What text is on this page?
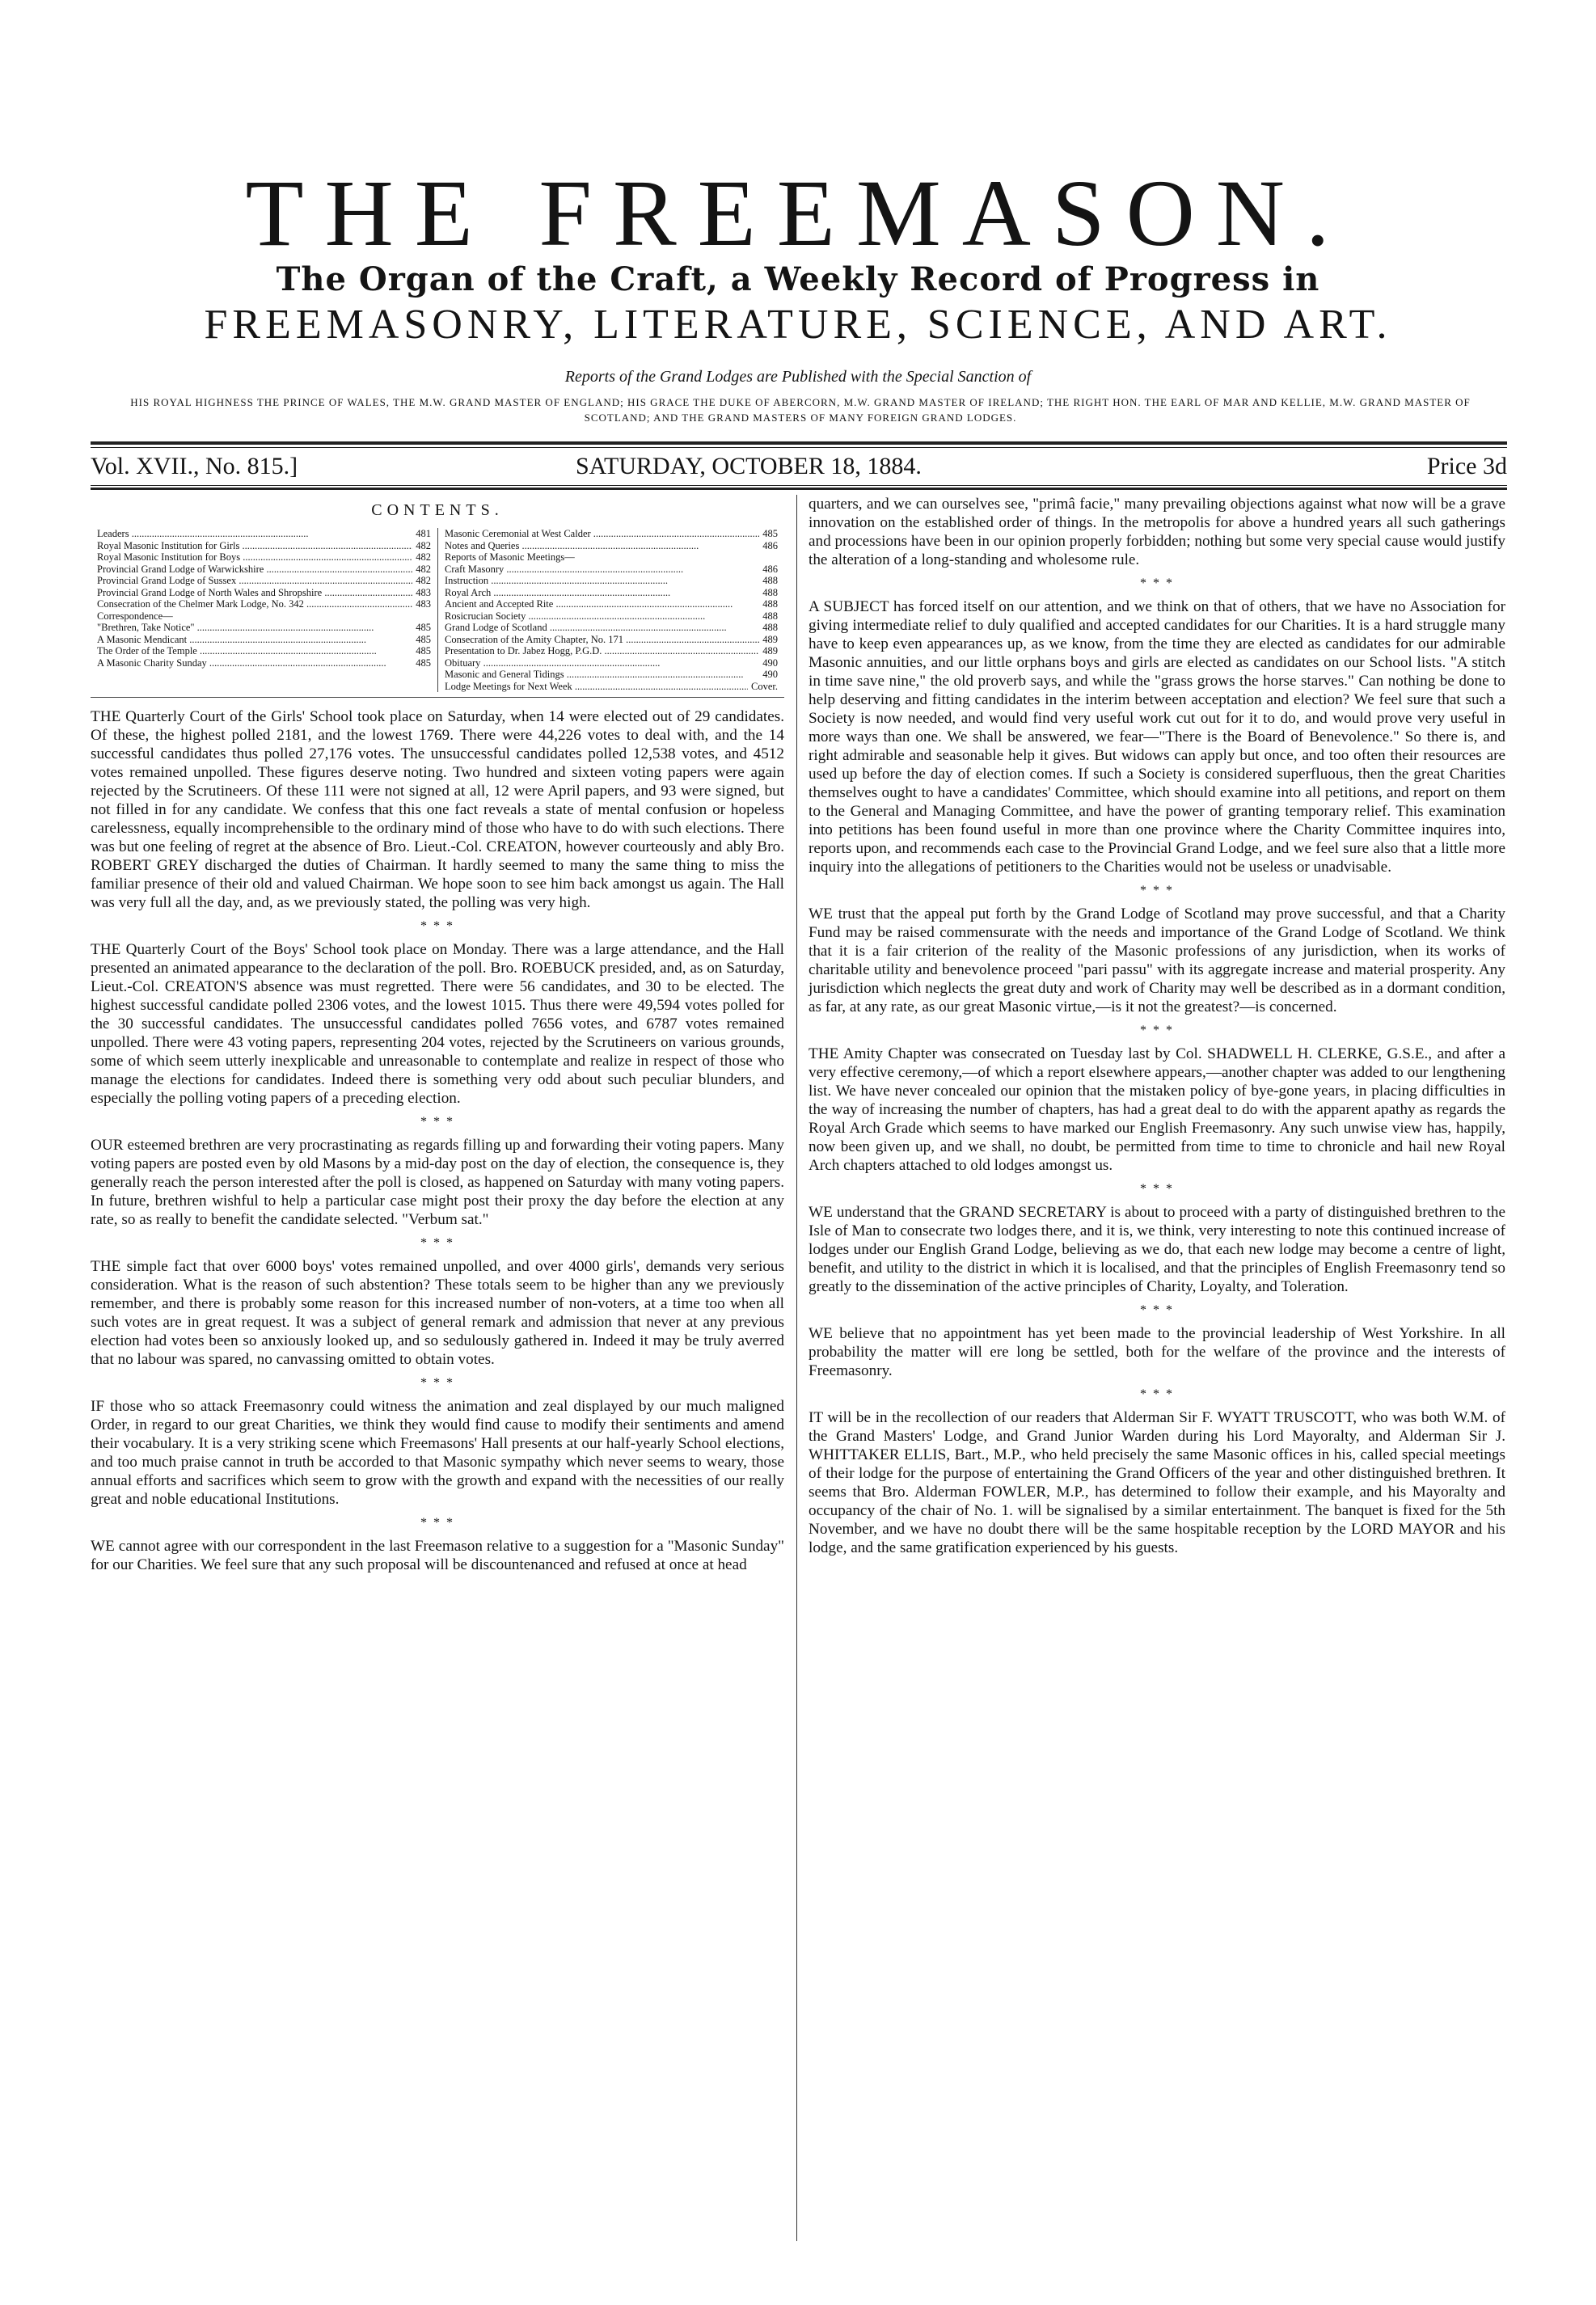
THE FREEMASON.
The Organ of the Craft, a Weekly Record of Progress in
FREEMASONRY, LITERATURE, SCIENCE, AND ART.
Reports of the Grand Lodges are Published with the Special Sanction of
HIS ROYAL HIGHNESS THE PRINCE OF WALES, THE M.W. GRAND MASTER OF ENGLAND; HIS GRACE THE DUKE OF ABERCORN, M.W. GRAND MASTER OF IRELAND; THE RIGHT HON. THE EARL OF MAR AND KELLIE, M.W. GRAND MASTER OF SCOTLAND; AND THE GRAND MASTERS OF MANY FOREIGN GRAND LODGES.
Vol. XVII., No. 815.]	SATURDAY, OCTOBER 18, 1884.	Price 3d
CONTENTS.
Leaders .....	481
Royal Masonic Institution for Girls .....	482
Royal Masonic Institution for Boys .....	482
Provincial Grand Lodge of Warwickshire .....	482
Provincial Grand Lodge of Sussex .....	482
Provincial Grand Lodge of North Wales and Shropshire .....	483
Consecration of the Chelmer Mark Lodge, No. 342 .....	483
Correspondence—
"Brethren, Take Notice" .....	485
A Masonic Mendicant .....	485
The Order of the Temple .....	485
A Masonic Charity Sunday .....	485
Masonic Ceremonial at West Calder .....	485
Notes and Queries .....	486
Reports of Masonic Meetings—
Craft Masonry .....	486
Instruction .....	488
Royal Arch .....	488
Ancient and Accepted Rite .....	488
Rosicrucian Society .....	488
Grand Lodge of Scotland .....	488
Consecration of the Amity Chapter, No. 171 .....	489
Presentation to Dr. Jabez Hogg, P.G.D. .....	489
Obituary .....	490
Masonic and General Tidings .....	490
Lodge Meetings for Next Week .....	Cover.

THE Quarterly Court of the Girls' School took place on Saturday, when 14 were elected out of 29 candidates. Of these, the highest polled 2181, and the lowest 1769. There were 44,226 votes to deal with, and the 14 successful candidates thus polled 27,176 votes. The unsuccessful candidates polled 12,538 votes, and 4512 votes remained unpolled. These figures deserve noting. Two hundred and sixteen voting papers were again rejected by the Scrutineers. Of these 111 were not signed at all, 12 were April papers, and 93 were signed, but not filled in for any candidate. We confess that this one fact reveals a state of mental confusion or hopeless carelessness, equally incomprehensible to the ordinary mind of those who have to do with such elections. There was but one feeling of regret at the absence of Bro. Lieut.-Col. CREATON, however courteously and ably Bro. ROBERT GREY discharged the duties of Chairman. It hardly seemed to many the same thing to miss the familiar presence of their old and valued Chairman. We hope soon to see him back amongst us again. The Hall was very full all the day, and, as we previously stated, the polling was very high.

* * *

THE Quarterly Court of the Boys' School took place on Monday. There was a large attendance, and the Hall presented an animated appearance to the declaration of the poll. Bro. ROEBUCK presided, and, as on Saturday, Lieut.-Col. CREATON'S absence was must regretted. There were 56 candidates, and 30 to be elected. The highest successful candidate polled 2306 votes, and the lowest 1015. Thus there were 49,594 votes polled for the 30 successful candidates. The unsuccessful candidates polled 7656 votes, and 6787 votes remained unpolled. There were 43 voting papers, representing 204 votes, rejected by the Scrutineers on various grounds, some of which seem utterly inexplicable and unreasonable to contemplate and realize in respect of those who manage the elections for candidates. Indeed there is something very odd about such peculiar blunders, and especially the polling voting papers of a preceding election.

* * *

OUR esteemed brethren are very procrastinating as regards filling up and forwarding their voting papers. Many voting papers are posted even by old Masons by a mid-day post on the day of election, the consequence is, they generally reach the person interested after the poll is closed, as happened on Saturday with many voting papers. In future, brethren wishful to help a particular case might post their proxy the day before the election at any rate, so as really to benefit the candidate selected. "Verbum sat."

* * *

THE simple fact that over 6000 boys' votes remained unpolled, and over 4000 girls', demands very serious consideration. What is the reason of such abstention? These totals seem to be higher than any we previously remember, and there is probably some reason for this increased number of non-voters, at a time too when all such votes are in great request. It was a subject of general remark and admission that never at any previous election had votes been so anxiously looked up, and so sedulously gathered in. Indeed it may be truly averred that no labour was spared, no canvassing omitted to obtain votes.

* * *

IF those who so attack Freemasonry could witness the animation and zeal displayed by our much maligned Order, in regard to our great Charities, we think they would find cause to modify their sentiments and amend their vocabulary. It is a very striking scene which Freemasons' Hall presents at our half-yearly School elections, and too much praise cannot in truth be accorded to that Masonic sympathy which never seems to weary, those annual efforts and sacrifices which seem to grow with the growth and expand with the necessities of our really great and noble educational Institutions.

* * *

WE cannot agree with our correspondent in the last Freemason relative to a suggestion for a "Masonic Sunday" for our Charities. We feel sure that any such proposal will be discountenanced and refused at once at head

quarters, and we can ourselves see, "primâ facie," many prevailing objections against what now will be a grave innovation on the established order of things. In the metropolis for above a hundred years all such gatherings and processions have been in our opinion properly forbidden; nothing but some very special cause would justify the alteration of a long-standing and wholesome rule.

* * *

A SUBJECT has forced itself on our attention, and we think on that of others, that we have no Association for giving intermediate relief to duly qualified and accepted candidates for our Charities. It is a hard struggle many have to keep even appearances up, as we know, from the time they are elected as candidates for our admirable Masonic annuities, and our little orphans boys and girls are elected as candidates on our School lists. "A stitch in time save nine," the old proverb says, and while the "grass grows the horse starves." Can nothing be done to help deserving and fitting candidates in the interim between acceptation and election? We feel sure that such a Society is now needed, and would find very useful work cut out for it to do, and would prove very useful in more ways than one. We shall be answered, we fear—"There is the Board of Benevolence." So there is, and right admirable and seasonable help it gives. But widows can apply but once, and too often their resources are used up before the day of election comes. If such a Society is considered superfluous, then the great Charities themselves ought to have a candidates' Committee, which should examine into all petitions, and report on them to the General and Managing Committee, and have the power of granting temporary relief. This examination into petitions has been found useful in more than one province where the Charity Committee inquires into, reports upon, and recommends each case to the Provincial Grand Lodge, and we feel sure also that a little more inquiry into the allegations of petitioners to the Charities would not be useless or unadvisable.

* * *

WE trust that the appeal put forth by the Grand Lodge of Scotland may prove successful, and that a Charity Fund may be raised commensurate with the needs and importance of the Grand Lodge of Scotland. We think that it is a fair criterion of the reality of the Masonic professions of any jurisdiction, when its works of charitable utility and benevolence proceed "pari passu" with its aggregate increase and material prosperity. Any jurisdiction which neglects the great duty and work of Charity may well be described as in a dormant condition, as far, at any rate, as our great Masonic virtue,—is it not the greatest?—is concerned.

* * *

THE Amity Chapter was consecrated on Tuesday last by Col. SHADWELL H. CLERKE, G.S.E., and after a very effective ceremony,—of which a report elsewhere appears,—another chapter was added to our lengthening list. We have never concealed our opinion that the mistaken policy of bye-gone years, in placing difficulties in the way of increasing the number of chapters, has had a great deal to do with the apparent apathy as regards the Royal Arch Grade which seems to have marked our English Freemasonry. Any such unwise view has, happily, now been given up, and we shall, no doubt, be permitted from time to time to chronicle and hail new Royal Arch chapters attached to old lodges amongst us.

* * *

WE understand that the GRAND SECRETARY is about to proceed with a party of distinguished brethren to the Isle of Man to consecrate two lodges there, and it is, we think, very interesting to note this continued increase of lodges under our English Grand Lodge, believing as we do, that each new lodge may become a centre of light, benefit, and utility to the district in which it is localised, and that the principles of English Freemasonry tend so greatly to the dissemination of the active principles of Charity, Loyalty, and Toleration.

* * *

WE believe that no appointment has yet been made to the provincial leadership of West Yorkshire. In all probability the matter will ere long be settled, both for the welfare of the province and the interests of Freemasonry.

* * *

IT will be in the recollection of our readers that Alderman Sir F. WYATT TRUSCOTT, who was both W.M. of the Grand Masters' Lodge, and Grand Junior Warden during his Lord Mayoralty, and Alderman Sir J. WHITTAKER ELLIS, Bart., M.P., who held precisely the same Masonic offices in his, called special meetings of their lodge for the purpose of entertaining the Grand Officers of the year and other distinguished brethren. It seems that Bro. Alderman FOWLER, M.P., has determined to follow their example, and his Mayoralty and occupancy of the chair of No. 1. will be signalised by a similar entertainment. The banquet is fixed for the 5th November, and we have no doubt there will be the same hospitable reception by the LORD MAYOR and his lodge, and the same gratification experienced by his guests.
